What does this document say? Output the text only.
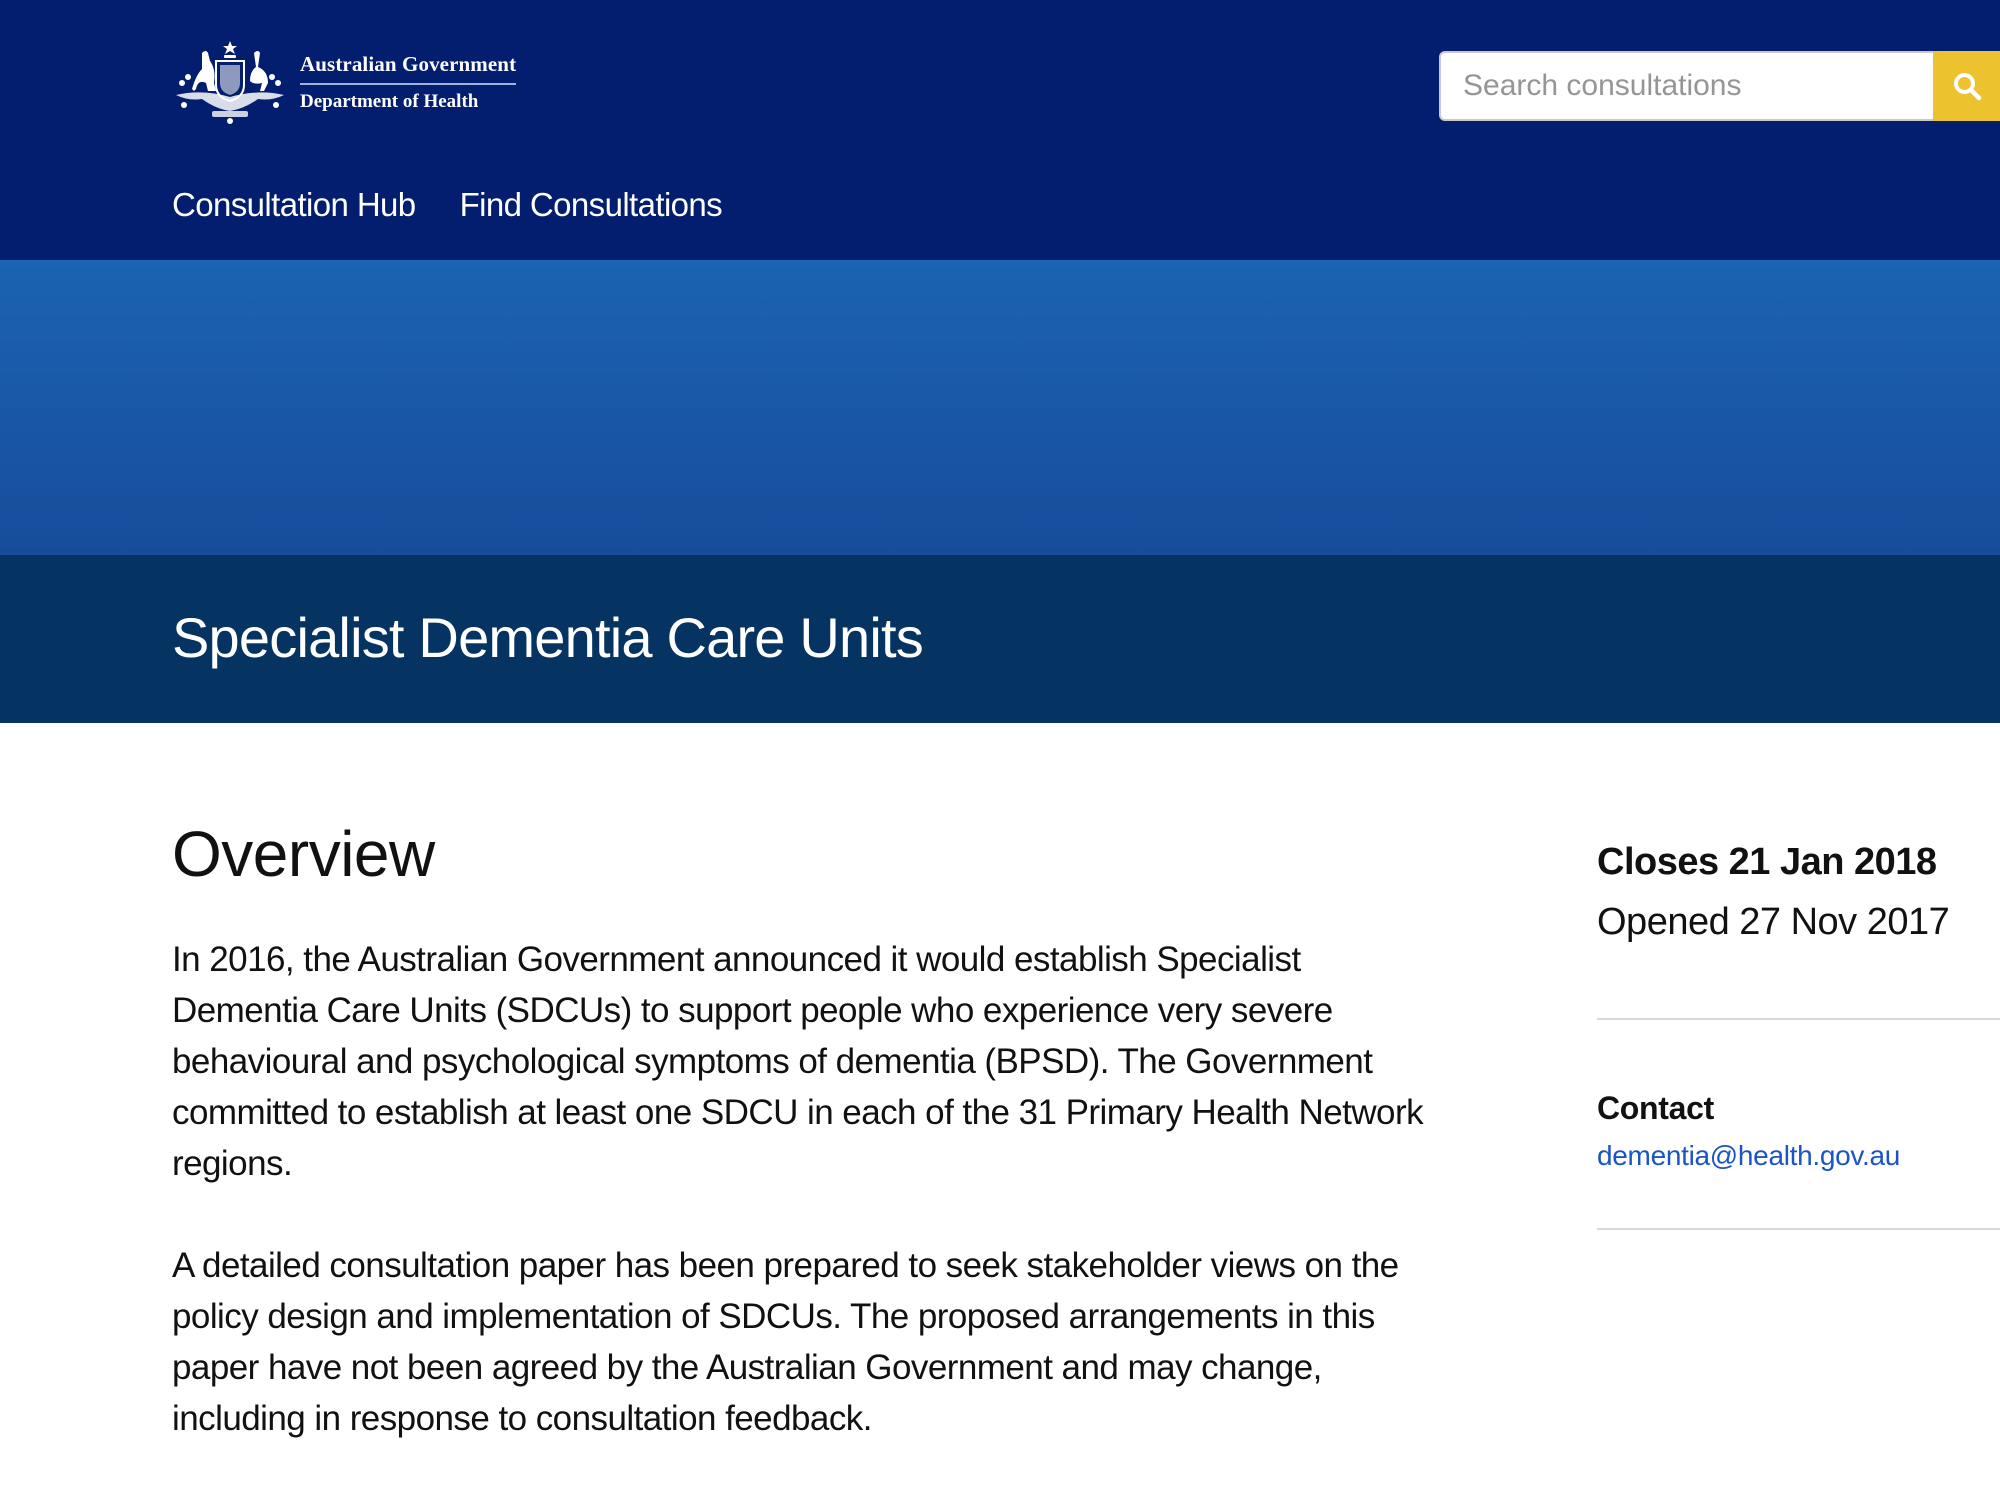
Australian Government
Department of Health
Search consultations
Consultation Hub Find Consultations
Specialist Dementia Care Units
Overview

In 2016, the Australian Government announced it would establish Specialist Dementia Care Units (SDCUs) to support people who experience very severe behavioural and psychological symptoms of dementia (BPSD). The Government committed to establish at least one SDCU in each of the 31 Primary Health Network regions.

A detailed consultation paper has been prepared to seek stakeholder views on the policy design and implementation of SDCUs. The proposed arrangements in this paper have not been agreed by the Australian Government and may change, including in response to consultation feedback.

Closes 21 Jan 2018
Opened 27 Nov 2017
Contact
dementia@health.gov.au
